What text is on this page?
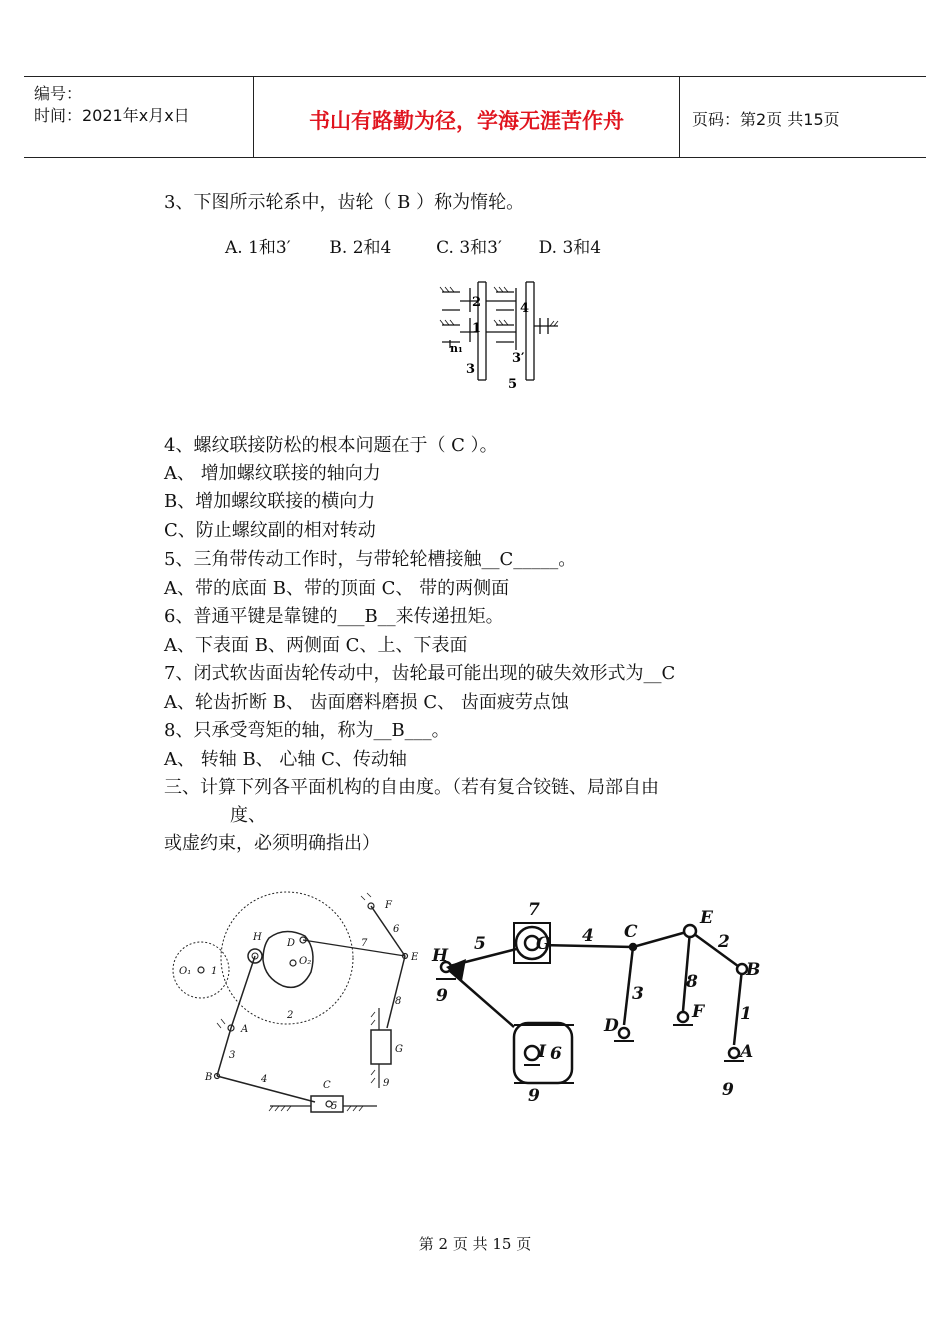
编号：
时间：2021年x月x日	书山有路勤为径，学海无涯苦作舟	页码：第2页 共15页
3、下图所示轮系中，齿轮（ B ）称为惰轮。
A. 1和3′ B. 2和4	C. 3和3′ D. 3和4
2
1
n₁
3
4
3′
5
4、螺纹联接防松的根本问题在于（ C ）。
A、 增加螺纹联接的轴向力
B、增加螺纹联接的横向力
C、防止螺纹副的相对转动
5、三角带传动工作时，与带轮轮槽接触__C_____。
A、带的底面 B、带的顶面 C、 带的两侧面
6、普通平键是靠键的___B__来传递扭矩。
A、下表面 B、两侧面 C、上、下表面
7、闭式软齿面齿轮传动中，齿轮最可能出现的破失效形式为__C
A、轮齿折断 B、 齿面磨料磨损 C、 齿面疲劳点蚀
8、只承受弯矩的轴，称为__B___。
A、 转轴 B、 心轴 C、传动轴
三、计算下列各平面机构的自由度。（若有复合铰链、局部自由
度、
或虚约束，必须明确指出）
O₁ 1
H
D
O₂
2
A
3
B	4
C
5
F
6
7
E
8
G
9
7
H
5	G 4 C
E
2
B
9	3
8
1
D
F
A
9
I 6
9
第 2 页 共 15 页
